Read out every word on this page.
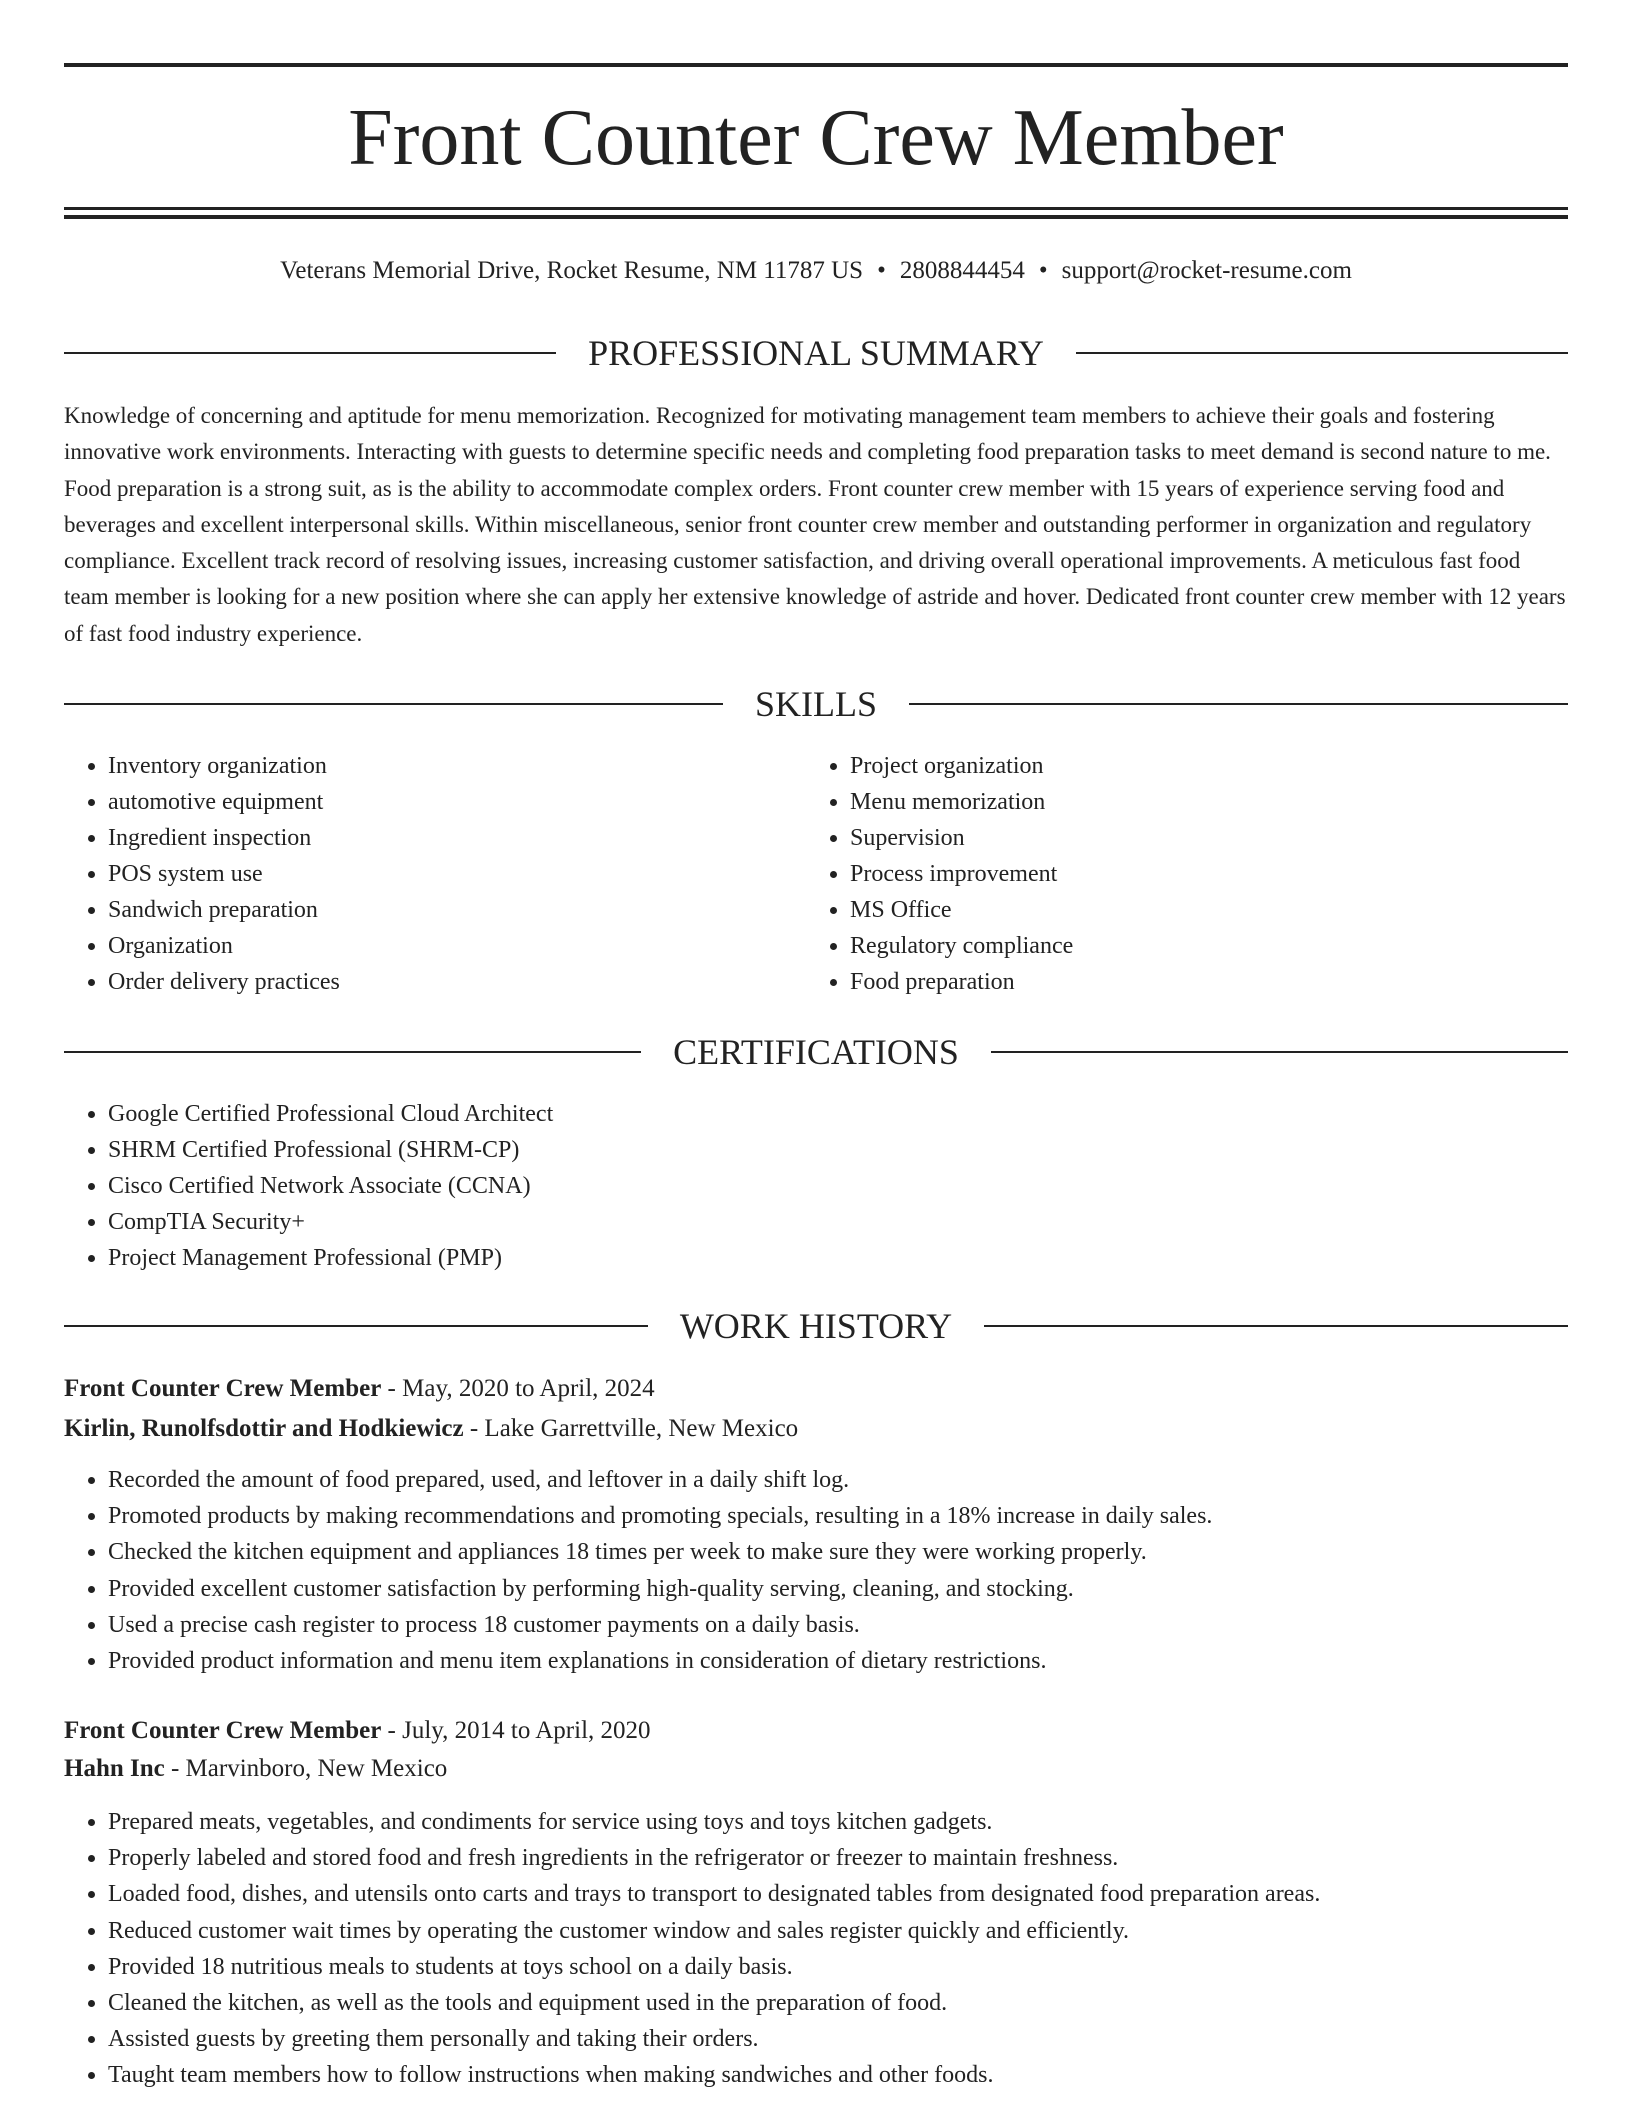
Front Counter Crew Member
Veterans Memorial Drive, Rocket Resume, NM 11787 US • 2808844454 • support@rocket-resume.com
PROFESSIONAL SUMMARY

Knowledge of concerning and aptitude for menu memorization. Recognized for motivating management team members to achieve their goals and fostering innovative work environments. Interacting with guests to determine specific needs and completing food preparation tasks to meet demand is second nature to me. Food preparation is a strong suit, as is the ability to accommodate complex orders. Front counter crew member with 15 years of experience serving food and beverages and excellent interpersonal skills. Within miscellaneous, senior front counter crew member and outstanding performer in organization and regulatory compliance. Excellent track record of resolving issues, increasing customer satisfaction, and driving overall operational improvements. A meticulous fast food team member is looking for a new position where she can apply her extensive knowledge of astride and hover. Dedicated front counter crew member with 12 years of fast food industry experience.

SKILLS
• Inventory organization
• automotive equipment
• Ingredient inspection
• POS system use
• Sandwich preparation
• Organization
• Order delivery practices
• Project organization
• Menu memorization
• Supervision
• Process improvement
• MS Office
• Regulatory compliance
• Food preparation
CERTIFICATIONS
• Google Certified Professional Cloud Architect
• SHRM Certified Professional (SHRM-CP)
• Cisco Certified Network Associate (CCNA)
• CompTIA Security+
• Project Management Professional (PMP)
WORK HISTORY
Front Counter Crew Member - May, 2020 to April, 2024
Kirlin, Runolfsdottir and Hodkiewicz - Lake Garrettville, New Mexico
• Recorded the amount of food prepared, used, and leftover in a daily shift log.
• Promoted products by making recommendations and promoting specials, resulting in a 18% increase in daily sales.
• Checked the kitchen equipment and appliances 18 times per week to make sure they were working properly.
• Provided excellent customer satisfaction by performing high-quality serving, cleaning, and stocking.
• Used a precise cash register to process 18 customer payments on a daily basis.
• Provided product information and menu item explanations in consideration of dietary restrictions.
Front Counter Crew Member - July, 2014 to April, 2020
Hahn Inc - Marvinboro, New Mexico
• Prepared meats, vegetables, and condiments for service using toys and toys kitchen gadgets.
• Properly labeled and stored food and fresh ingredients in the refrigerator or freezer to maintain freshness.
• Loaded food, dishes, and utensils onto carts and trays to transport to designated tables from designated food preparation areas.
• Reduced customer wait times by operating the customer window and sales register quickly and efficiently.
• Provided 18 nutritious meals to students at toys school on a daily basis.
• Cleaned the kitchen, as well as the tools and equipment used in the preparation of food.
• Assisted guests by greeting them personally and taking their orders.
• Taught team members how to follow instructions when making sandwiches and other foods.
